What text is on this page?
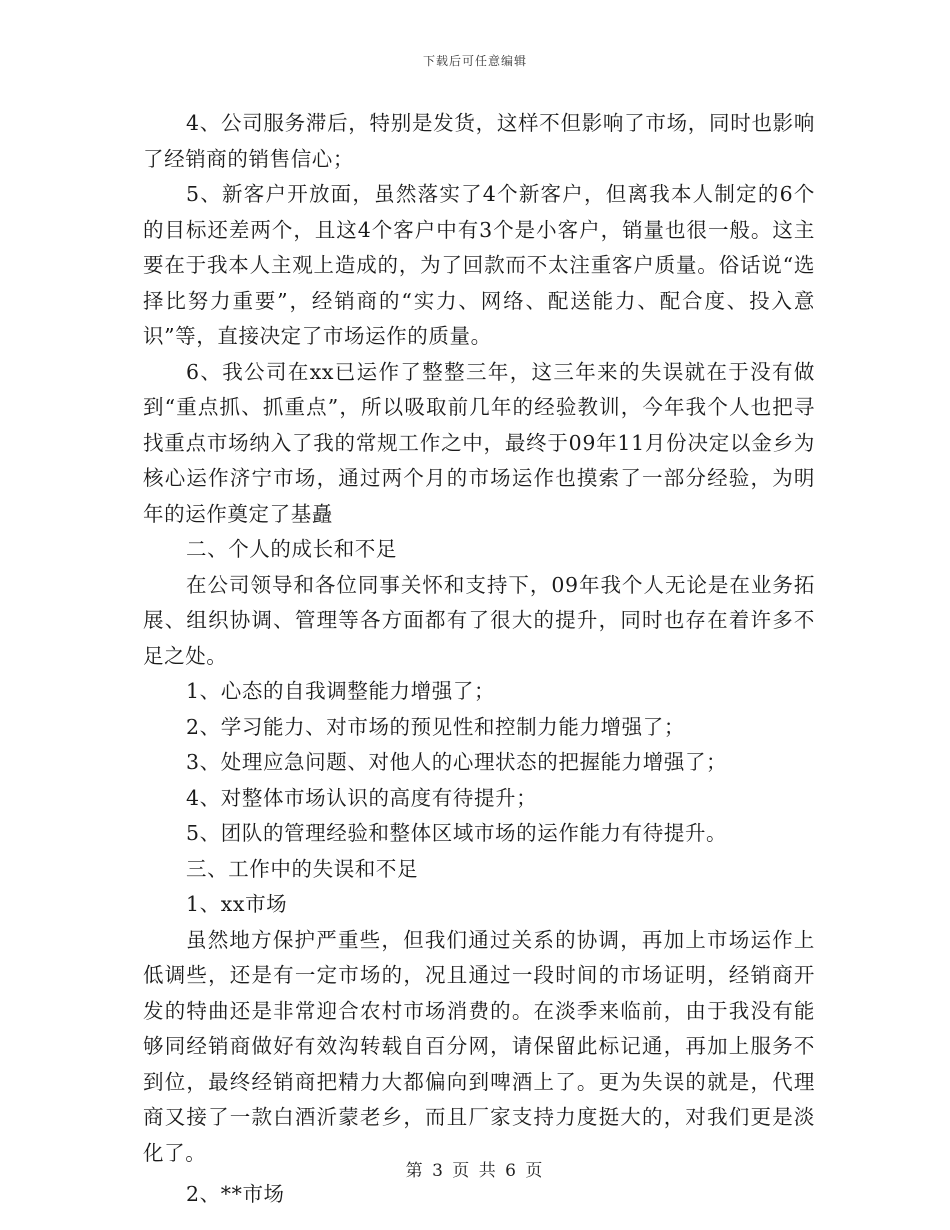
下载后可任意编辑

4、公司服务滞后，特别是发货，这样不但影响了市场，同时也影响了经销商的销售信心；

5、新客户开放面，虽然落实了4个新客户，但离我本人制定的6个的目标还差两个，且这4个客户中有3个是小客户，销量也很一般。这主要在于我本人主观上造成的，为了回款而不太注重客户质量。俗话说“选择比努力重要”，经销商的“实力、网络、配送能力、配合度、投入意识”等，直接决定了市场运作的质量。

6、我公司在xx已运作了整整三年，这三年来的失误就在于没有做到“重点抓、抓重点”，所以吸取前几年的经验教训，今年我个人也把寻找重点市场纳入了我的常规工作之中，最终于09年11月份决定以金乡为核心运作济宁市场，通过两个月的市场运作也摸索了一部分经验，为明年的运作奠定了基矗

二、个人的成长和不足

在公司领导和各位同事关怀和支持下，09年我个人无论是在业务拓展、组织协调、管理等各方面都有了很大的提升，同时也存在着许多不足之处。

1、心态的自我调整能力增强了；

2、学习能力、对市场的预见性和控制力能力增强了；

3、处理应急问题、对他人的心理状态的把握能力增强了；

4、对整体市场认识的高度有待提升；

5、团队的管理经验和整体区域市场的运作能力有待提升。

三、工作中的失误和不足

1、xx市场

虽然地方保护严重些，但我们通过关系的协调，再加上市场运作上低调些，还是有一定市场的，况且通过一段时间的市场证明，经销商开发的特曲还是非常迎合农村市场消费的。在淡季来临前，由于我没有能够同经销商做好有效沟转载自百分网，请保留此标记通，再加上服务不到位，最终经销商把精力大都偏向到啤酒上了。更为失误的就是，代理商又接了一款白酒沂蒙老乡，而且厂家支持力度挺大的，对我们更是淡化了。

2、**市场

第 3 页 共 6 页
